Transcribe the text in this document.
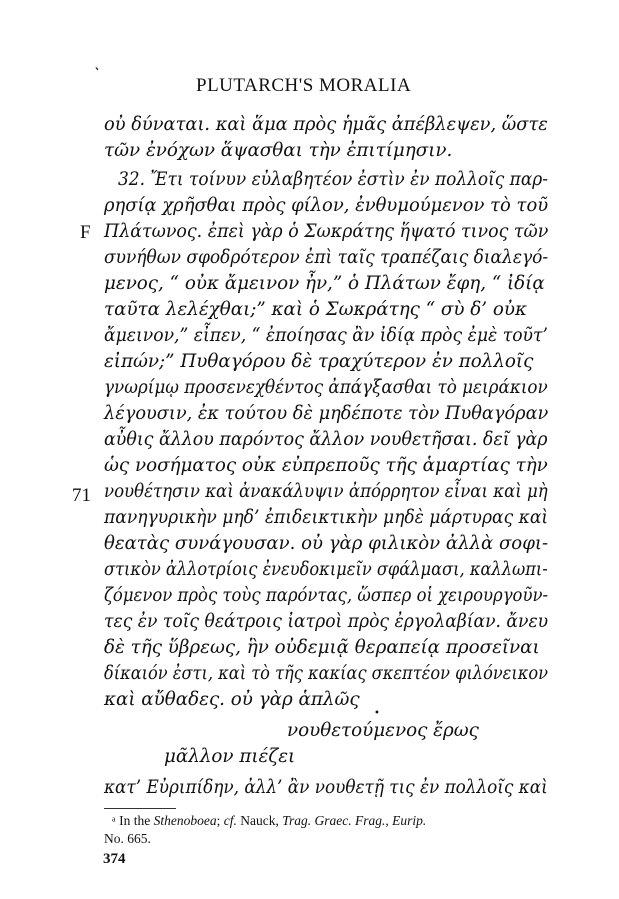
‵
PLUTARCH'S MORALIA
F
71
οὐ δύναται. καὶ ἅμα πρὸς ἡμᾶς ἀπέβλεψεν, ὥστε
τῶν ἐνόχων ἅψασθαι τὴν ἐπιτίμησιν.
32. Ἔτι τοίνυν εὐλαβητέον ἐστὶν ἐν πολλοῖς παρ-
ρησίᾳ χρῆσθαι πρὸς φίλον, ἐνθυμούμενον τὸ τοῦ
Πλάτωνος. ἐπεὶ γὰρ ὁ Σωκράτης ἥψατό τινος τῶν
συνήθων σφοδρότερον ἐπὶ ταῖς τραπέζαις διαλεγό-
μενος, “ οὐκ ἄμεινον ἦν,” ὁ Πλάτων ἔφη, “ ἰδίᾳ
ταῦτα λελέχθαι;” καὶ ὁ Σωκράτης “ σὺ δ’ οὐκ
ἄμεινον,” εἶπεν, “ ἐποίησας ἂν ἰδίᾳ πρὸς ἐμὲ τοῦτ’
εἰπών;” Πυθαγόρου δὲ τραχύτερον ἐν πολλοῖς
γνωρίμῳ προσενεχθέντος ἀπάγξασθαι τὸ μειράκιον
λέγουσιν, ἐκ τούτου δὲ μηδέποτε τὸν Πυθαγόραν
αὖθις ἄλλου παρόντος ἄλλον νουθετῆσαι. δεῖ γὰρ
ὡς νοσήματος οὐκ εὐπρεποῦς τῆς ἁμαρτίας τὴν
νουθέτησιν καὶ ἀνακάλυψιν ἀπόρρητον εἶναι καὶ μὴ
πανηγυρικὴν μηδ’ ἐπιδεικτικὴν μηδὲ μάρτυρας καὶ
θεατὰς συνάγουσαν. οὐ γὰρ φιλικὸν ἀλλὰ σοφι-
στικὸν ἀλλοτρίοις ἐνευδοκιμεῖν σφάλμασι, καλλωπι-
ζόμενον πρὸς τοὺς παρόντας, ὥσπερ οἱ χειρουργοῦν-
τες ἐν τοῖς θεάτροις ἰατροὶ πρὸς ἐργολαβίαν. ἄνευ
δὲ τῆς ὕβρεως, ἣν οὐδεμιᾷ θεραπείᾳ προσεῖναι
δίκαιόν ἐστι, καὶ τὸ τῆς κακίας σκεπτέον φιλόνεικον
καὶ αὔθαδες. οὐ γὰρ ἁπλῶς
νουθετούμενος ἔρως
•
μᾶλλον πιέζει
κατ’ Εὐριπίδην, ἀλλ’ ἂν νουθετῇ τις ἐν πολλοῖς καὶ
ᵃ In the Sthenoboea; cf. Nauck, Trag. Graec. Frag., Eurip.
No. 665.
374
